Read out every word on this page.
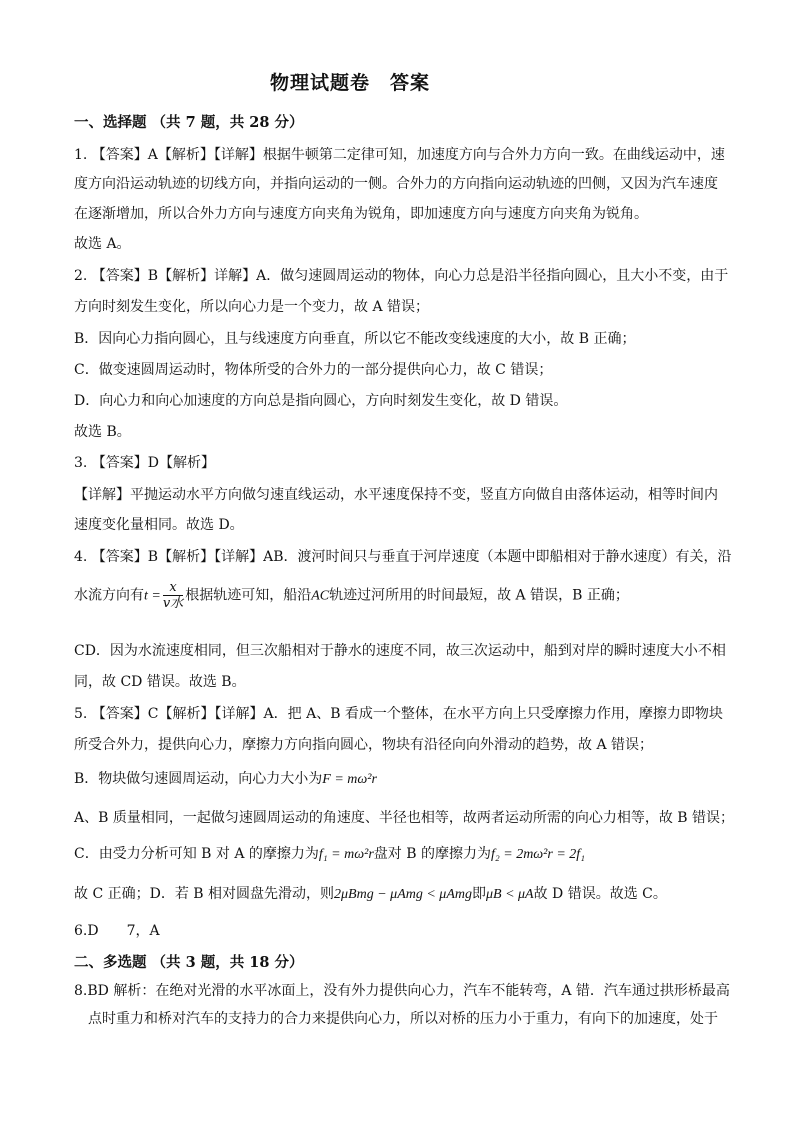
物理试题卷　答案
一、选择题 （共 7 题，共 28 分）
1. 【答案】A【解析】【详解】根据牛顿第二定律可知，加速度方向与合外力方向一致。在曲线运动中，速
度方向沿运动轨迹的切线方向，并指向运动的一侧。合外力的方向指向运动轨迹的凹侧，又因为汽车速度
在逐渐增加，所以合外力方向与速度方向夹角为锐角，即加速度方向与速度方向夹角为锐角。
故选 A。
2. 【答案】B【解析】详解】A．做匀速圆周运动的物体，向心力总是沿半径指向圆心，且大小不变，由于
方向时刻发生变化，所以向心力是一个变力，故 A 错误；
B．因向心力指向圆心，且与线速度方向垂直，所以它不能改变线速度的大小，故 B 正确；
C．做变速圆周运动时，物体所受的合外力的一部分提供向心力，故 C 错误；
D．向心力和向心加速度的方向总是指向圆心，方向时刻发生变化，故 D 错误。
故选 B。
3. 【答案】D【解析】
【详解】平抛运动水平方向做匀速直线运动，水平速度保持不变，竖直方向做自由落体运动，相等时间内
速度变化量相同。故选 D。
4. 【答案】B【解析】【详解】AB．渡河时间只与垂直于河岸速度（本题中即船相对于静水速度）有关，沿
水流方向有$t = \frac{x}{\text{v水}}$ 根据轨迹可知，船沿AC轨迹过河所用的时间最短，故 A 错误，B 正确；
CD．因为水流速度相同，但三次船相对于静水的速度不同，故三次运动中，船到对岸的瞬时速度大小不相
同，故 CD 错误。故选 B。
5. 【答案】C【解析】【详解】A．把 A、B 看成一个整体，在水平方向上只受摩擦力作用，摩擦力即物块
所受合外力，提供向心力，摩擦力方向指向圆心，物块有沿径向向外滑动的趋势，故 A 错误；
B．物块做匀速圆周运动，向心力大小为F = mω²r
A、B 质量相同，一起做匀速圆周运动的角速度、半径也相等，故两者运动所需的向心力相等，故 B 错误；
C．由受力分析可知 B 对 A 的摩擦力为f₁ = mω²r盘对 B 的摩擦力为f₂ = 2mω²r = 2f₁
故 C 正确；D．若 B 相对圆盘先滑动，则2μBmg − μAmg < μAmg即μB < μA故 D 错误。故选 C。
6.D　　7，A
二、多选题 （共 3 题，共 18 分）
8.BD 解析：在绝对光滑的水平冰面上，没有外力提供向心力，汽车不能转弯，A 错．汽车通过拱形桥最高
点时重力和桥对汽车的支持力的合力来提供向心力，所以对桥的压力小于重力，有向下的加速度，处于
